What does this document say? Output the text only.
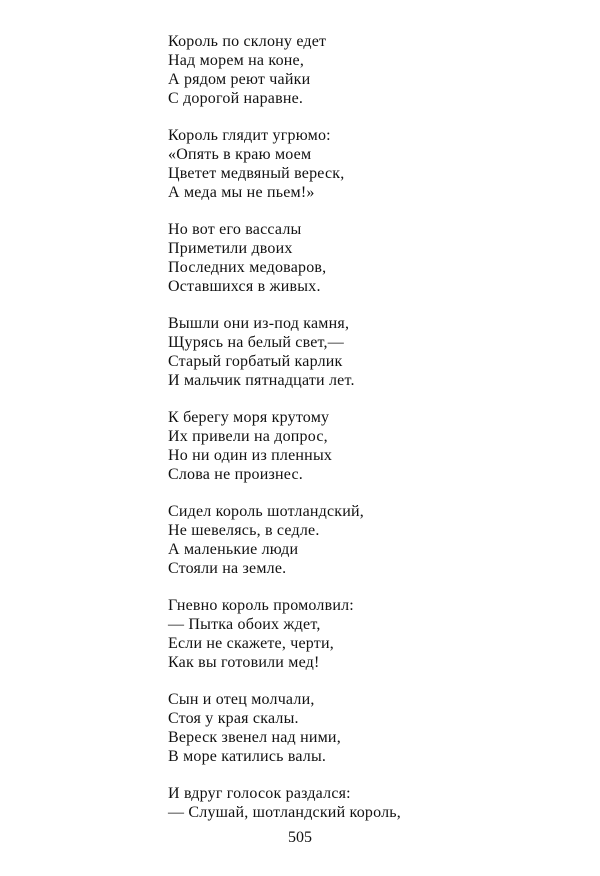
Король по склону едет
Над морем на коне,
А рядом реют чайки
С дорогой наравне.
Король глядит угрюмо:
«Опять в краю моем
Цветет медвяный вереск,
А меда мы не пьем!»
Но вот его вассалы
Приметили двоих
Последних медоваров,
Оставшихся в живых.
Вышли они из-под камня,
Щурясь на белый свет,—
Старый горбатый карлик
И мальчик пятнадцати лет.
К берегу моря крутому
Их привели на допрос,
Но ни один из пленных
Слова не произнес.
Сидел король шотландский,
Не шевелясь, в седле.
А маленькие люди
Стояли на земле.
Гневно король промолвил:
— Пытка обоих ждет,
Если не скажете, черти,
Как вы готовили мед!
Сын и отец молчали,
Стоя у края скалы.
Вереск звенел над ними,
В море катились валы.
И вдруг голосок раздался:
— Слушай, шотландский король,
505
